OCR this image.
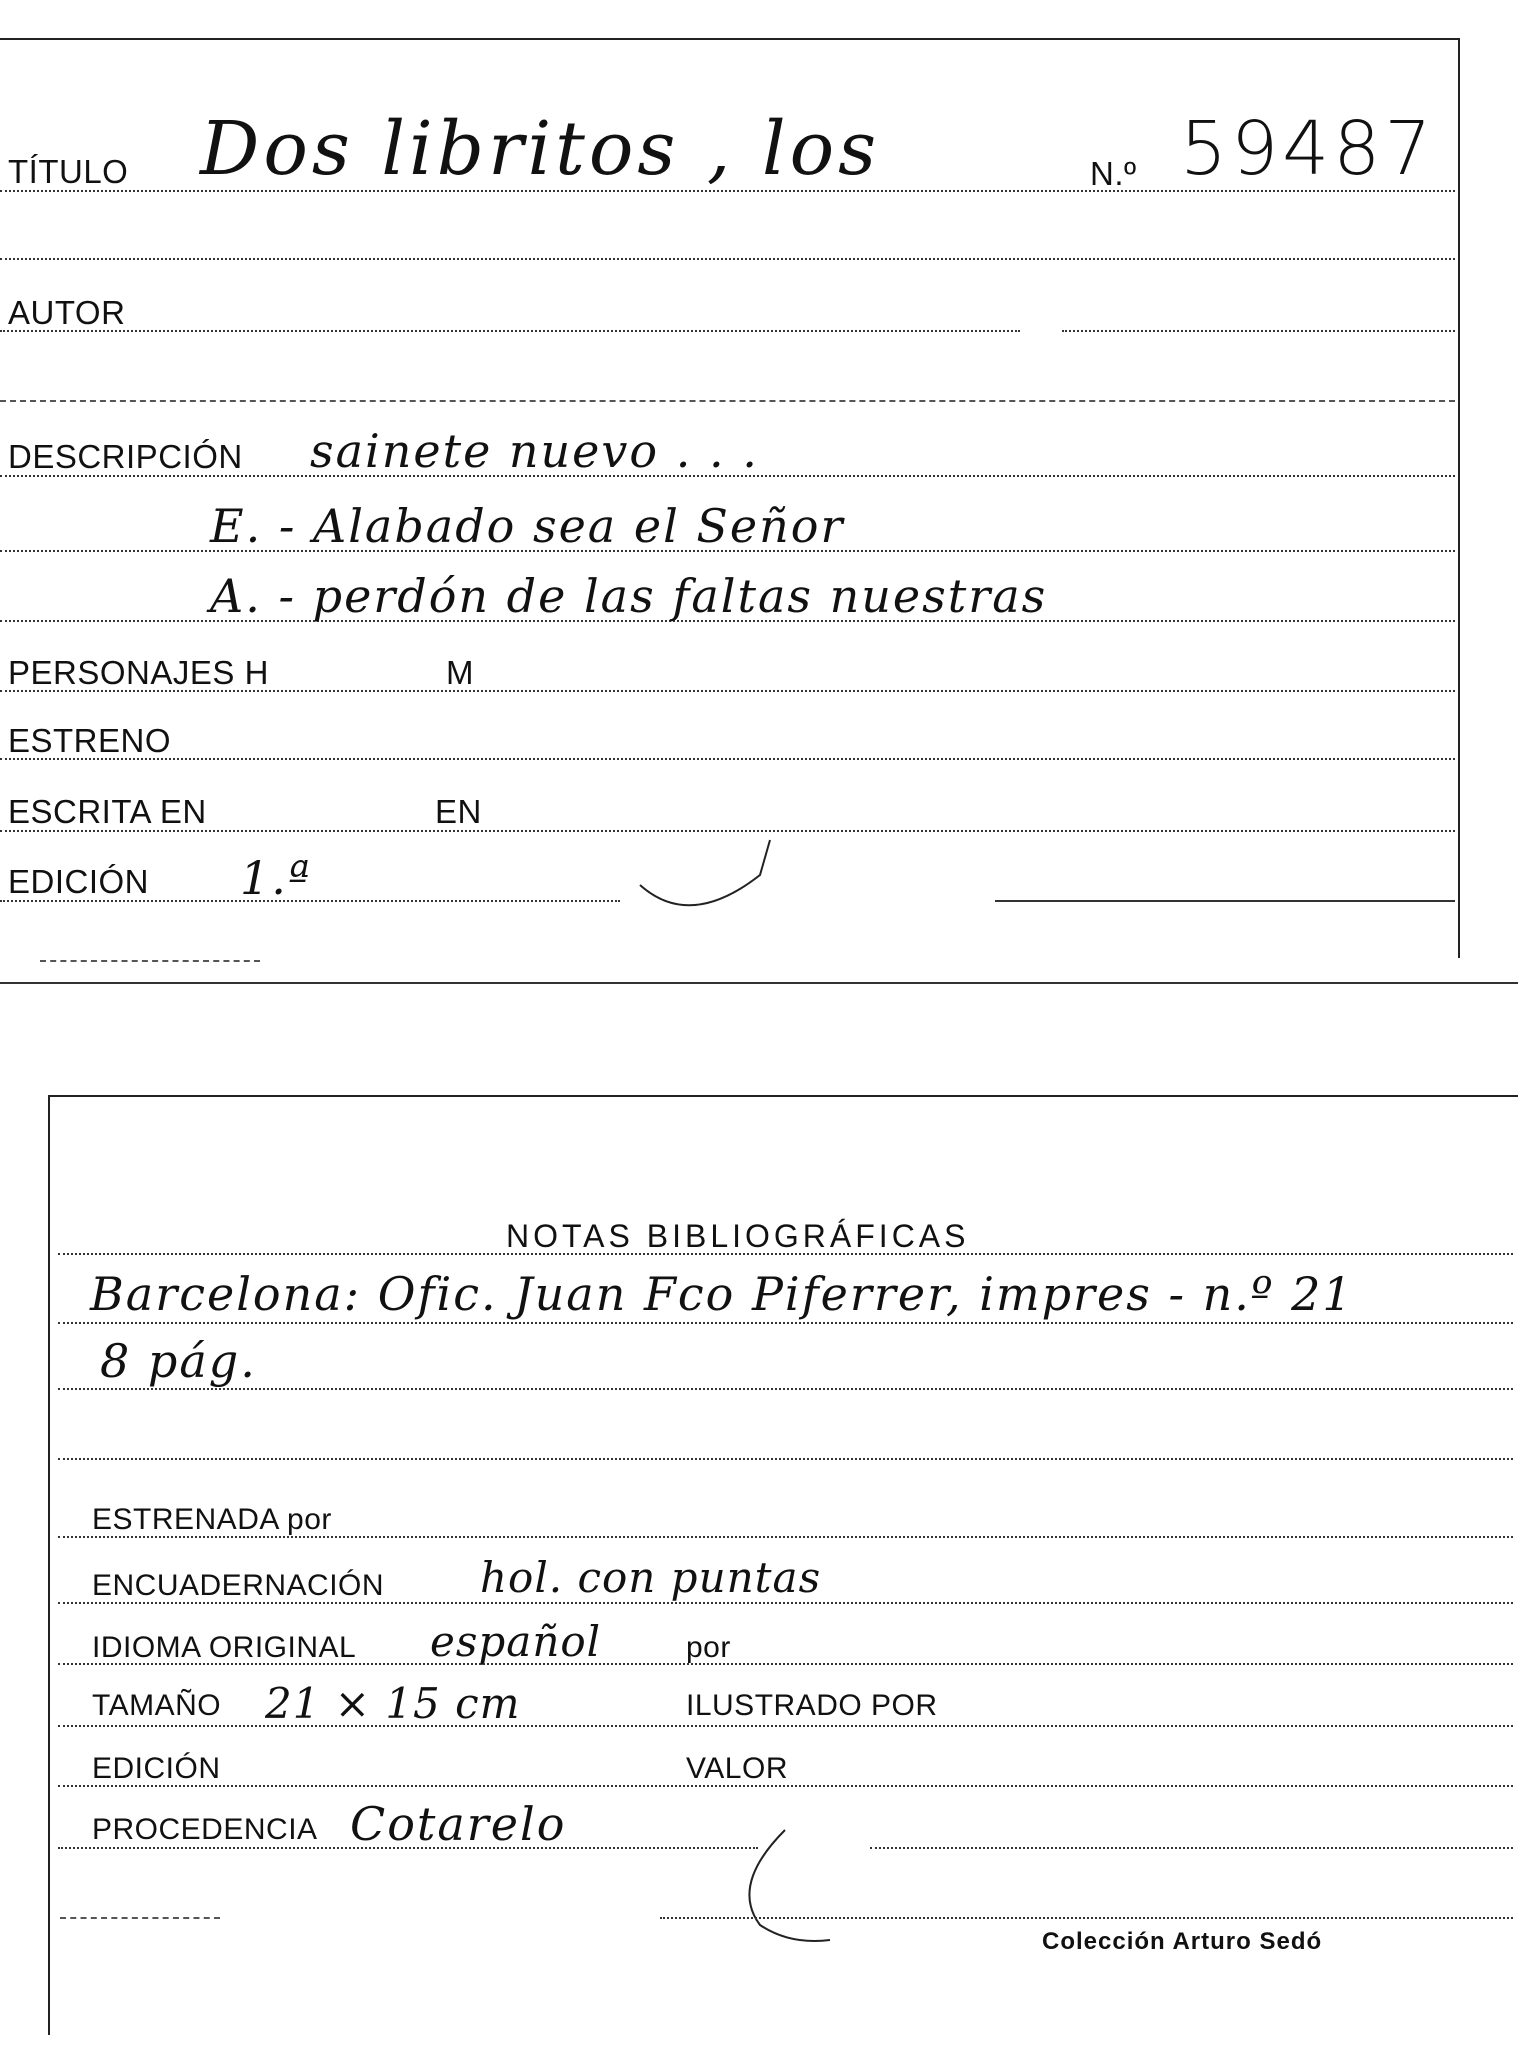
TÍTULO Dos libritos , los	N.º 59487
AUTOR
DESCRIPCIÓN sainete nuevo . . .
E. - Alabado sea el Señor
A. - perdón de las faltas nuestras
PERSONAJES H	M
ESTRENO
ESCRITA EN	EN
EDICIÓN 1.ª
NOTAS BIBLIOGRÁFICAS
Barcelona: Ofic. Juan Fco Piferrer, impres - n.º 21
8 pág.
ESTRENADA por
ENCUADERNACIÓN hol. con puntas
IDIOMA ORIGINAL español	por
TAMAÑO 21 × 15 cm	ILUSTRADO POR
EDICIÓN	VALOR
PROCEDENCIA Cotarelo
Colección Arturo Sedó
